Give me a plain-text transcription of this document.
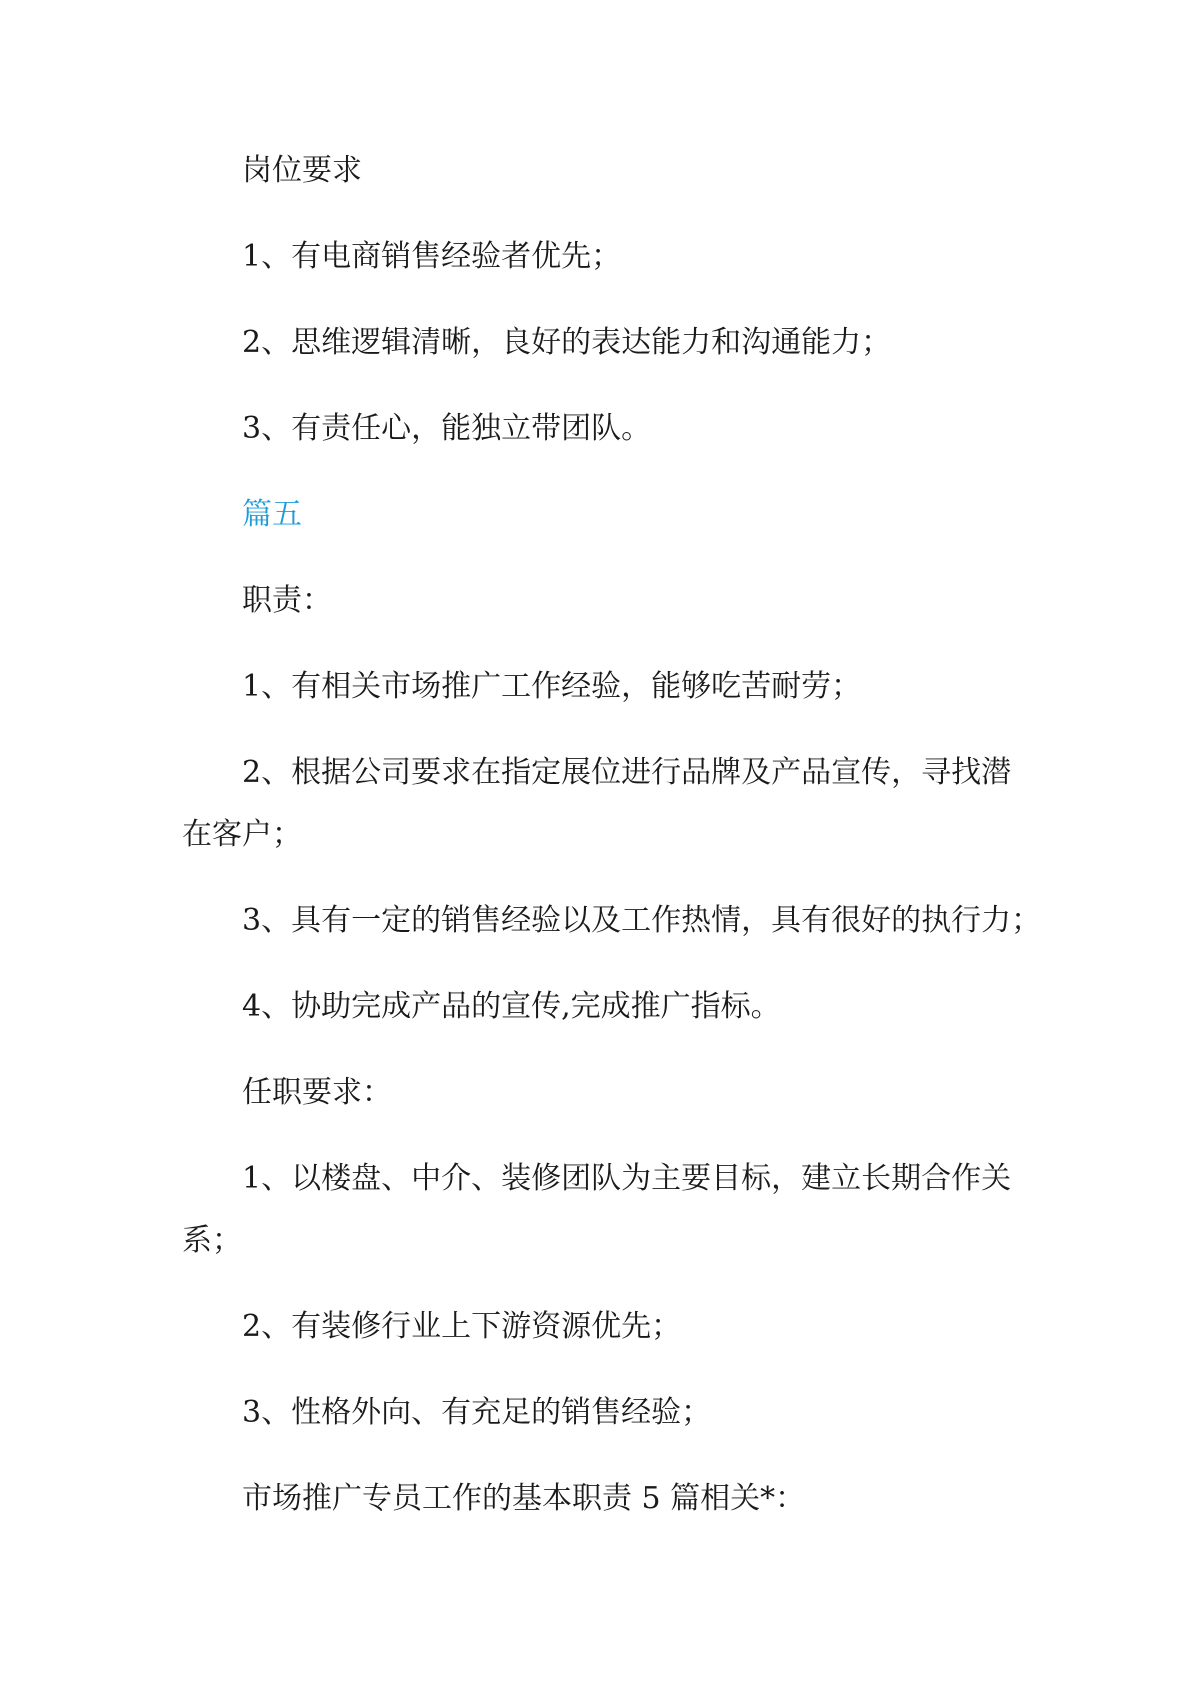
岗位要求

1、有电商销售经验者优先；

2、思维逻辑清晰，良好的表达能力和沟通能力；

3、有责任心，能独立带团队。

篇五

职责：

1、有相关市场推广工作经验，能够吃苦耐劳；

2、根据公司要求在指定展位进行品牌及产品宣传，寻找潜
在客户；

3、具有一定的销售经验以及工作热情，具有很好的执行力；

4、协助完成产品的宣传,完成推广指标。

任职要求：

1、以楼盘、中介、装修团队为主要目标，建立长期合作关
系；

2、有装修行业上下游资源优先；

3、性格外向、有充足的销售经验；

市场推广专员工作的基本职责 5 篇相关*：
